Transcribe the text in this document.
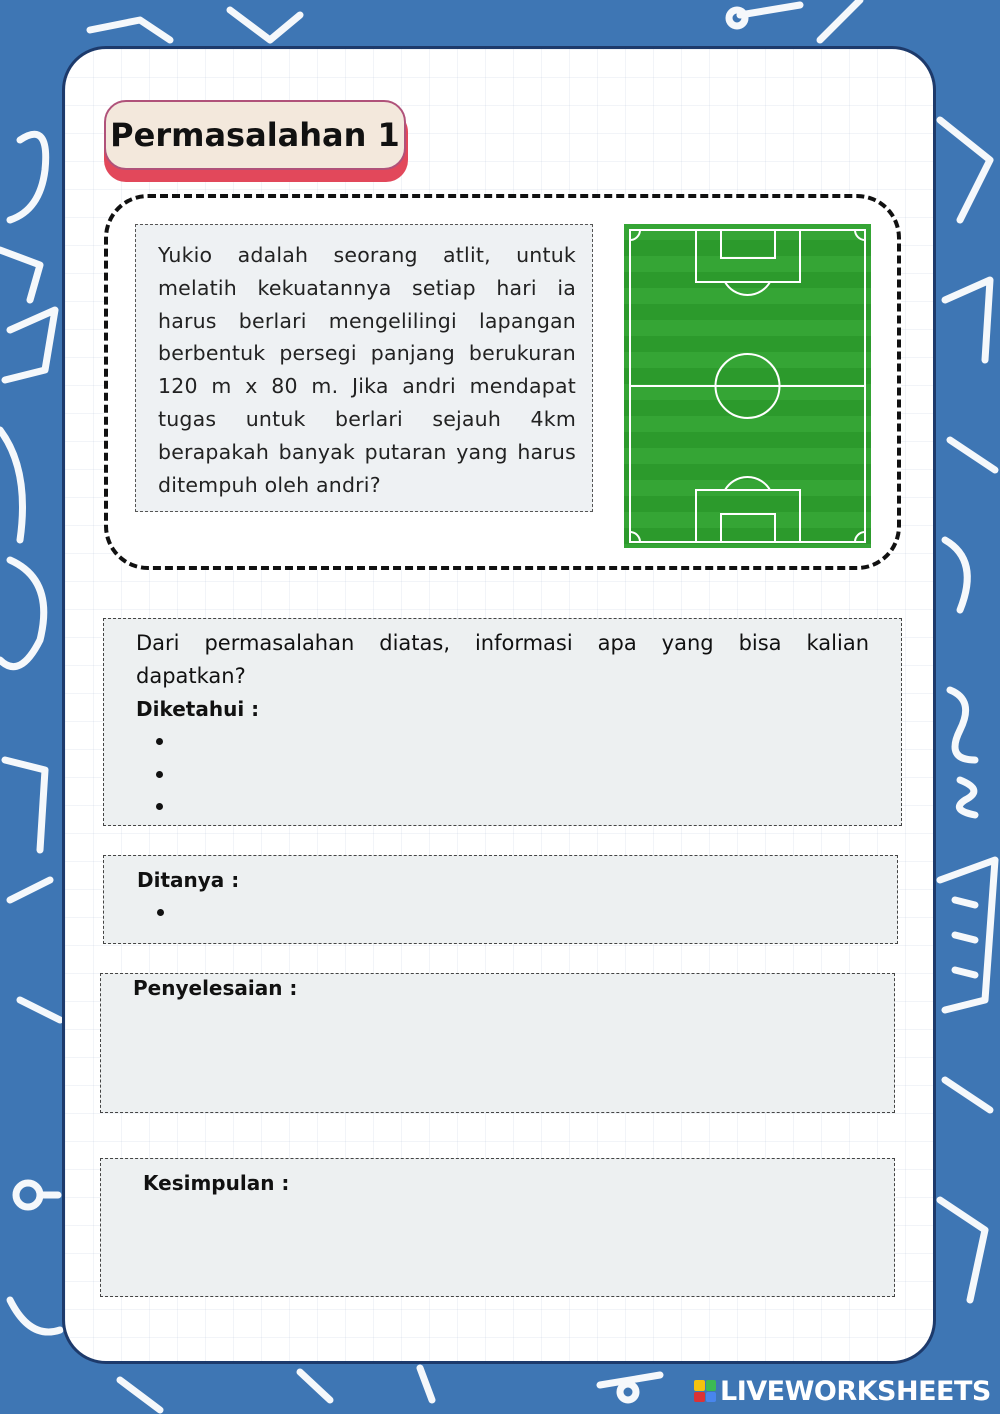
Permasalahan 1
Yukio adalah seorang atlit, untuk melatih kekuatannya setiap hari ia harus berlari mengelilingi lapangan berbentuk persegi panjang berukuran 120 m x 80 m. Jika andri mendapat tugas untuk berlari sejauh 4km berapakah banyak putaran yang harus ditempuh oleh andri?
Dari permasalahan diatas, informasi apa yang bisa kalian dapatkan?
Diketahui :
Ditanya :
Penyelesaian :
Kesimpulan :
LIVEWORKSHEETS
